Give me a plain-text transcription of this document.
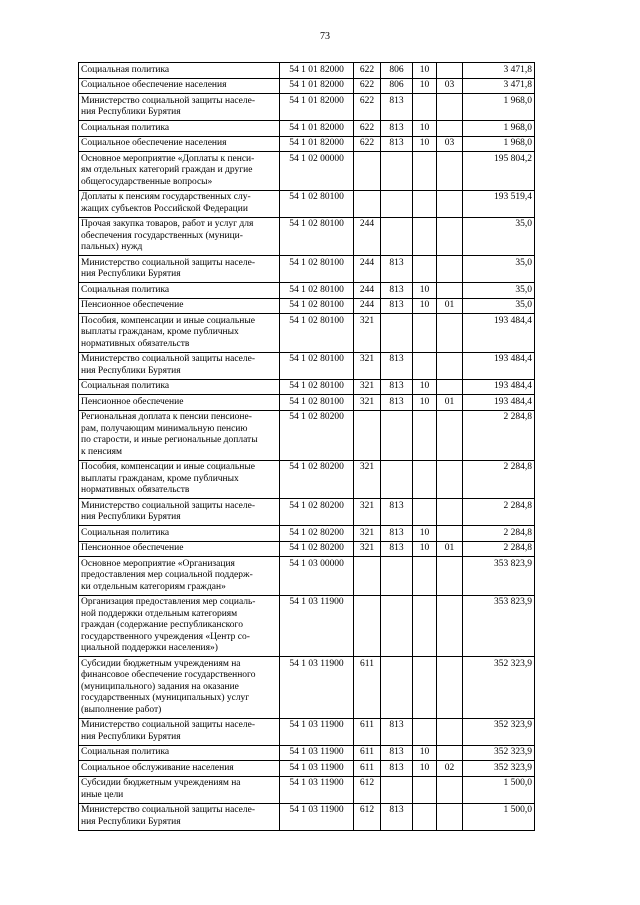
73
Социальная политика	54 1 01 82000	622	806	10		3 471,8
Социальное обеспечение населения	54 1 01 82000	622	806	10	03	3 471,8
Министерство социальной защиты населе-
ния Республики Бурятия	54 1 01 82000	622	813			1 968,0
Социальная политика	54 1 01 82000	622	813	10		1 968,0
Социальное обеспечение населения	54 1 01 82000	622	813	10	03	1 968,0
Основное мероприятие «Доплаты к пенси-
ям отдельных категорий граждан и другие
общегосударственные вопросы»	54 1 02 00000					195 804,2
Доплаты к пенсиям государственных слу-
жащих субъектов Российской Федерации	54 1 02 80100					193 519,4
Прочая закупка товаров, работ и услуг для
обеспечения государственных (муници-
пальных) нужд	54 1 02 80100	244				35,0
Министерство социальной защиты населе-
ния Республики Бурятия	54 1 02 80100	244	813			35,0
Социальная политика	54 1 02 80100	244	813	10		35,0
Пенсионное обеспечение	54 1 02 80100	244	813	10	01	35,0
Пособия, компенсации и иные социальные
выплаты гражданам, кроме публичных
нормативных обязательств	54 1 02 80100	321				193 484,4
Министерство социальной защиты населе-
ния Республики Бурятия	54 1 02 80100	321	813			193 484,4
Социальная политика	54 1 02 80100	321	813	10		193 484,4
Пенсионное обеспечение	54 1 02 80100	321	813	10	01	193 484,4
Региональная доплата к пенсии пенсионе-
рам, получающим минимальную пенсию
по старости, и иные региональные доплаты
к пенсиям	54 1 02 80200					2 284,8
Пособия, компенсации и иные социальные
выплаты гражданам, кроме публичных
нормативных обязательств	54 1 02 80200	321				2 284,8
Министерство социальной защиты населе-
ния Республики Бурятия	54 1 02 80200	321	813			2 284,8
Социальная политика	54 1 02 80200	321	813	10		2 284,8
Пенсионное обеспечение	54 1 02 80200	321	813	10	01	2 284,8
Основное мероприятие «Организация
предоставления мер социальной поддерж-
ки отдельным категориям граждан»	54 1 03 00000					353 823,9
Организация предоставления мер социаль-
ной поддержки отдельным категориям
граждан (содержание республиканского
государственного учреждения «Центр со-
циальной поддержки населения»)	54 1 03 11900					353 823,9
Субсидии бюджетным учреждениям на
финансовое обеспечение государственного
(муниципального) задания на оказание
государственных (муниципальных) услуг
(выполнение работ)	54 1 03 11900	611				352 323,9
Министерство социальной защиты населе-
ния Республики Бурятия	54 1 03 11900	611	813			352 323,9
Социальная политика	54 1 03 11900	611	813	10		352 323,9
Социальное обслуживание населения	54 1 03 11900	611	813	10	02	352 323,9
Субсидии бюджетным учреждениям на
иные цели	54 1 03 11900	612				1 500,0
Министерство социальной защиты населе-
ния Республики Бурятия	54 1 03 11900	612	813			1 500,0
